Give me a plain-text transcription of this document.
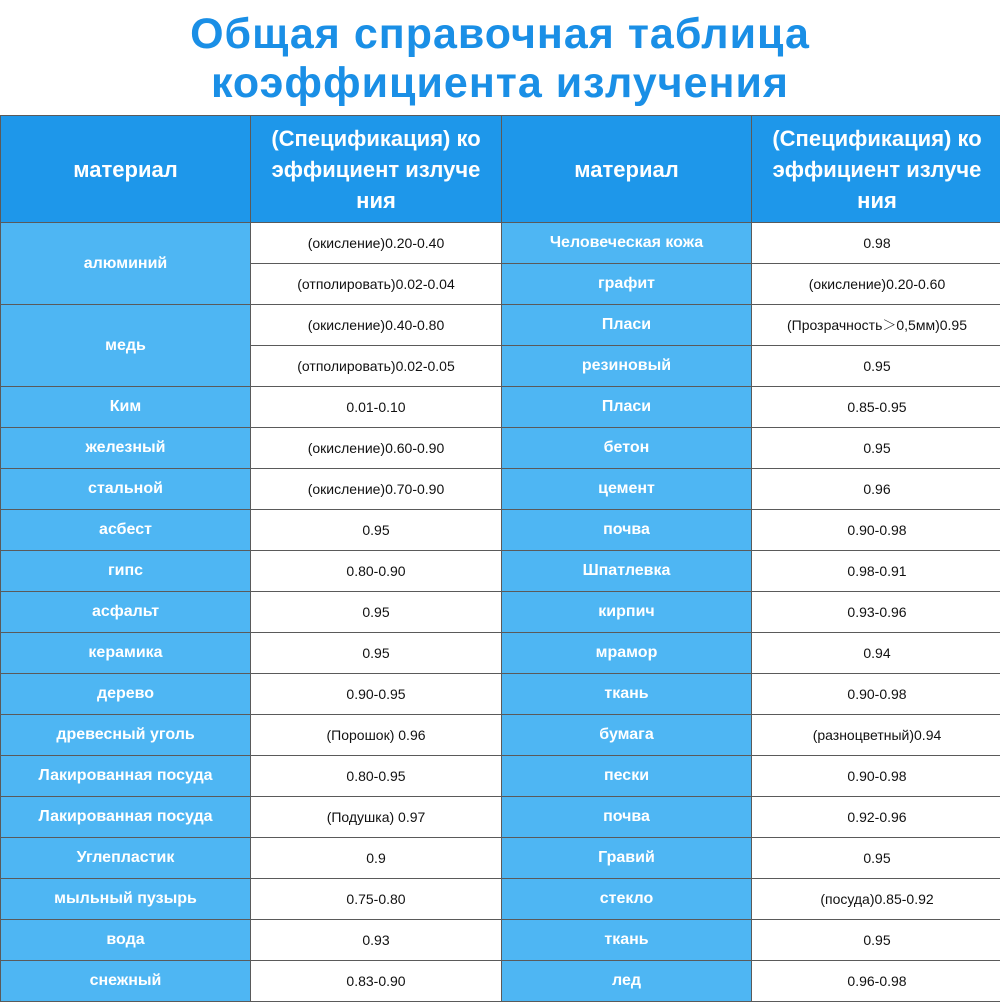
Общая справочная таблица
коэффициента излучения
материал	(Спецификация) ко эффициент излуче ния	материал	(Спецификация) ко эффициент излуче ния
алюминий	(окисление)0.20-0.40	Человеческая кожа	0.98
	(отполировать)0.02-0.04	графит	(окисление)0.20-0.60
медь	(окисление)0.40-0.80	Пласи	(Прозрачность＞0,5мм)0.95
	(отполировать)0.02-0.05	резиновый	0.95
Ким	0.01-0.10	Пласи	0.85-0.95
железный	(окисление)0.60-0.90	бетон	0.95
стальной	(окисление)0.70-0.90	цемент	0.96
асбест	0.95	почва	0.90-0.98
гипс	0.80-0.90	Шпатлевка	0.98-0.91
асфальт	0.95	кирпич	0.93-0.96
керамика	0.95	мрамор	0.94
дерево	0.90-0.95	ткань	0.90-0.98
древесный уголь	(Порошок) 0.96	бумага	(разноцветный)0.94
Лакированная посуда	0.80-0.95	пески	0.90-0.98
Лакированная посуда	(Подушка) 0.97	почва	0.92-0.96
Углепластик	0.9	Гравий	0.95
мыльный пузырь	0.75-0.80	стекло	(посуда)0.85-0.92
вода	0.93	ткань	0.95
снежный	0.83-0.90	лед	0.96-0.98
